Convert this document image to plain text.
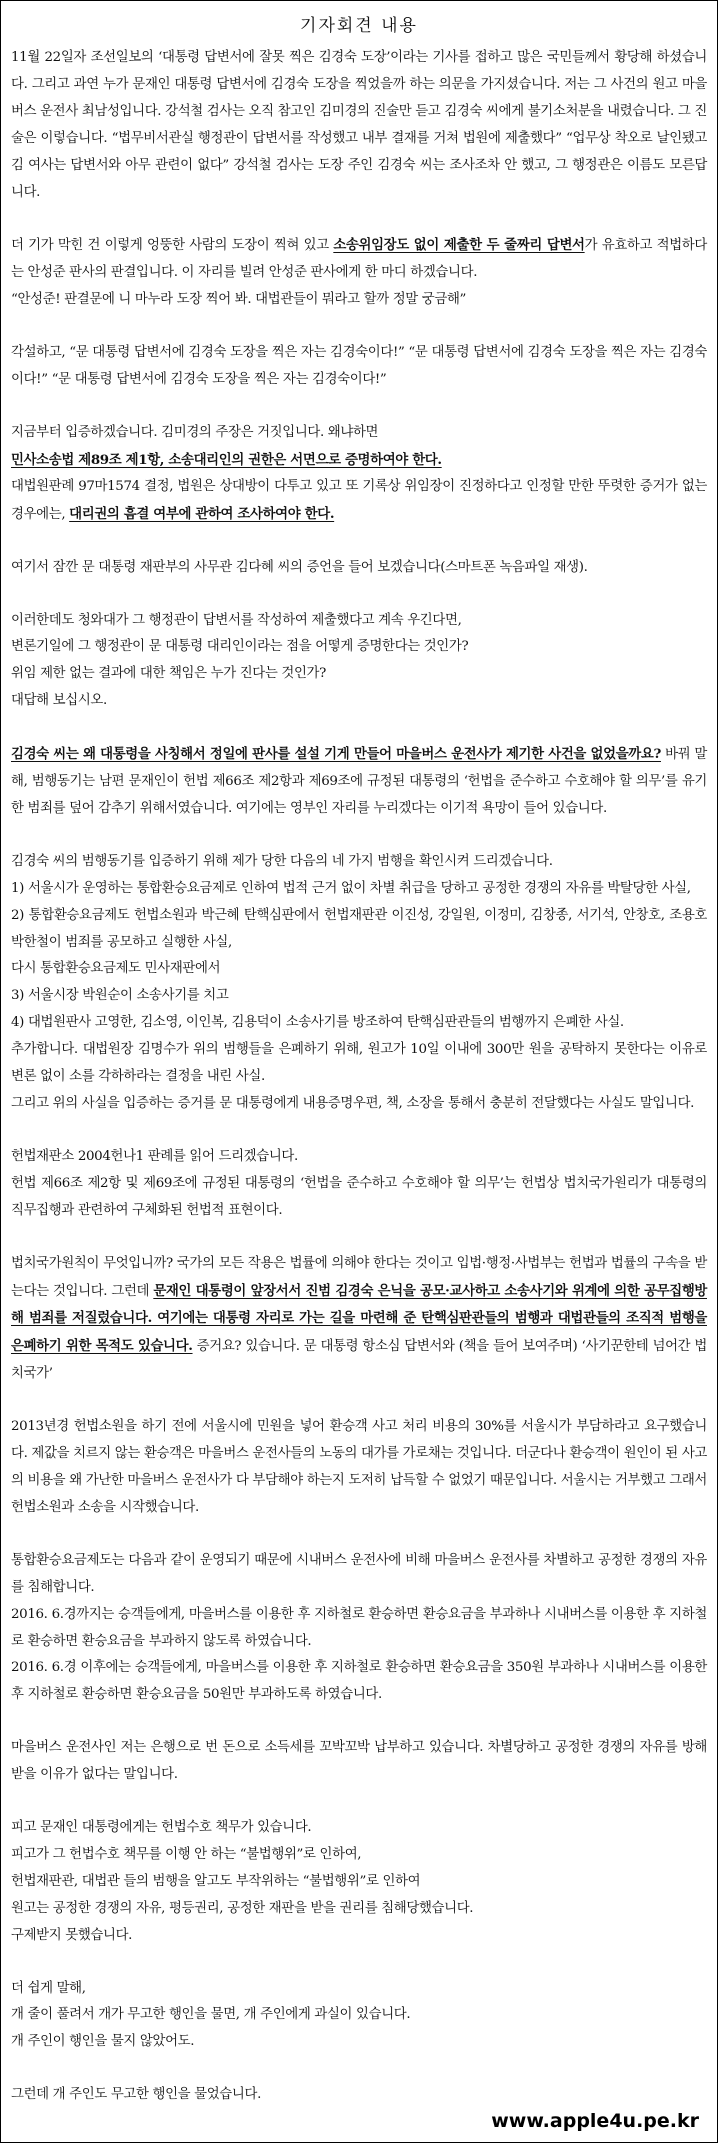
기자회견 내용

11월 22일자 조선일보의 ‘대통령 답변서에 잘못 찍은 김경숙 도장’이라는 기사를 접하고 많은 국민들께서 황당해 하셨습니다. 그리고 과연 누가 문재인 대통령 답변서에 김경숙 도장을 찍었을까 하는 의문을 가지셨습니다. 저는 그 사건의 원고 마을버스 운전사 최남성입니다. 강석철 검사는 오직 참고인 김미경의 진술만 듣고 김경숙 씨에게 불기소처분을 내렸습니다. 그 진술은 이렇습니다. “법무비서관실 행정관이 답변서를 작성했고 내부 결재를 거쳐 법원에 제출했다” “업무상 착오로 날인됐고 김 여사는 답변서와 아무 관련이 없다” 강석철 검사는 도장 주인 김경숙 씨는 조사조차 안 했고, 그 행정관은 이름도 모른답니다.

더 기가 막힌 건 이렇게 엉뚱한 사람의 도장이 찍혀 있고 소송위임장도 없이 제출한 두 줄짜리 답변서가 유효하고 적법하다는 안성준 판사의 판결입니다. 이 자리를 빌려 안성준 판사에게 한 마디 하겠습니다.

“안성준! 판결문에 니 마누라 도장 찍어 봐. 대법관들이 뭐라고 할까 정말 궁금해”

각설하고, “문 대통령 답변서에 김경숙 도장을 찍은 자는 김경숙이다!” “문 대통령 답변서에 김경숙 도장을 찍은 자는 김경숙이다!” “문 대통령 답변서에 김경숙 도장을 찍은 자는 김경숙이다!”

지금부터 입증하겠습니다. 김미경의 주장은 거짓입니다. 왜냐하면

민사소송법 제89조 제1항, 소송대리인의 권한은 서면으로 증명하여야 한다.

대법원판례 97마1574 결정, 법원은 상대방이 다투고 있고 또 기록상 위임장이 진정하다고 인정할 만한 뚜렷한 증거가 없는 경우에는, 대리권의 흠결 여부에 관하여 조사하여야 한다.

여기서 잠깐 문 대통령 재판부의 사무관 김다혜 씨의 증언을 들어 보겠습니다(스마트폰 녹음파일 재생).

이러한데도 청와대가 그 행정관이 답변서를 작성하여 제출했다고 계속 우긴다면,

변론기일에 그 행정관이 문 대통령 대리인이라는 점을 어떻게 증명한다는 것인가?

위임 제한 없는 결과에 대한 책임은 누가 진다는 것인가?

대답해 보십시오.

김경숙 씨는 왜 대통령을 사칭해서 정일에 판사를 설설 기게 만들어 마을버스 운전사가 제기한 사건을 없었을까요? 바꿔 말해, 범행동기는 남편 문재인이 헌법 제66조 제2항과 제69조에 규정된 대통령의 ‘헌법을 준수하고 수호해야 할 의무’를 유기한 범죄를 덮어 감추기 위해서였습니다. 여기에는 영부인 자리를 누리겠다는 이기적 욕망이 들어 있습니다.

김경숙 씨의 범행동기를 입증하기 위해 제가 당한 다음의 네 가지 범행을 확인시켜 드리겠습니다.

1) 서울시가 운영하는 통합환승요금제로 인하여 법적 근거 없이 차별 취급을 당하고 공정한 경쟁의 자유를 박탈당한 사실,

2) 통합환승요금제도 헌법소원과 박근혜 탄핵심판에서 헌법재판관 이진성, 강일원, 이정미, 김창종, 서기석, 안창호, 조용호 박한철이 범죄를 공모하고 실행한 사실,

다시 통합환승요금제도 민사재판에서

3) 서울시장 박원순이 소송사기를 치고

4) 대법원판사 고영한, 김소영, 이인복, 김용덕이 소송사기를 방조하여 탄핵심판관들의 범행까지 은폐한 사실.

추가합니다. 대법원장 김명수가 위의 범행들을 은폐하기 위해, 원고가 10일 이내에 300만 원을 공탁하지 못한다는 이유로 변론 없이 소를 각하하라는 결정을 내린 사실.

그리고 위의 사실을 입증하는 증거를 문 대통령에게 내용증명우편, 책, 소장을 통해서 충분히 전달했다는 사실도 말입니다.

헌법재판소 2004헌나1 판례를 읽어 드리겠습니다.

헌법 제66조 제2항 및 제69조에 규정된 대통령의 ‘헌법을 준수하고 수호해야 할 의무’는 헌법상 법치국가원리가 대통령의 직무집행과 관련하여 구체화된 헌법적 표현이다.

법치국가원칙이 무엇입니까? 국가의 모든 작용은 법률에 의해야 한다는 것이고 입법·행정·사법부는 헌법과 법률의 구속을 받는다는 것입니다. 그런데 문재인 대통령이 앞장서서 진범 김경숙 은닉을 공모·교사하고 소송사기와 위계에 의한 공무집행방해 범죄를 저질렀습니다. 여기에는 대통령 자리로 가는 길을 마련해 준 탄핵심판관들의 범행과 대법관들의 조직적 범행을 은폐하기 위한 목적도 있습니다. 증거요? 있습니다. 문 대통령 항소심 답변서와 (책을 들어 보여주며) ‘사기꾼한테 넘어간 법치국가’

2013년경 헌법소원을 하기 전에 서울시에 민원을 넣어 환승객 사고 처리 비용의 30%를 서울시가 부담하라고 요구했습니다. 제값을 치르지 않는 환승객은 마을버스 운전사들의 노동의 대가를 가로채는 것입니다. 더군다나 환승객이 원인이 된 사고의 비용을 왜 가난한 마을버스 운전사가 다 부담해야 하는지 도저히 납득할 수 없었기 때문입니다. 서울시는 거부했고 그래서 헌법소원과 소송을 시작했습니다.

통합환승요금제도는 다음과 같이 운영되기 때문에 시내버스 운전사에 비해 마을버스 운전사를 차별하고 공정한 경쟁의 자유를 침해합니다.

2016. 6.경까지는 승객들에게, 마을버스를 이용한 후 지하철로 환승하면 환승요금을 부과하나 시내버스를 이용한 후 지하철로 환승하면 환승요금을 부과하지 않도록 하였습니다.

2016. 6.경 이후에는 승객들에게, 마을버스를 이용한 후 지하철로 환승하면 환승요금을 350원 부과하나 시내버스를 이용한 후 지하철로 환승하면 환승요금을 50원만 부과하도록 하였습니다.

마을버스 운전사인 저는 은행으로 번 돈으로 소득세를 꼬박꼬박 납부하고 있습니다. 차별당하고 공정한 경쟁의 자유를 방해받을 이유가 없다는 말입니다.

피고 문재인 대통령에게는 헌법수호 책무가 있습니다.

피고가 그 헌법수호 책무를 이행 안 하는 “불법행위”로 인하여,

헌법재판관, 대법관 들의 범행을 알고도 부작위하는 “불법행위”로 인하여

원고는 공정한 경쟁의 자유, 평등권리, 공정한 재판을 받을 권리를 침해당했습니다.

구제받지 못했습니다.

더 쉽게 말해,

개 줄이 풀려서 개가 무고한 행인을 물면, 개 주인에게 과실이 있습니다.

개 주인이 행인을 물지 않았어도.

그런데 개 주인도 무고한 행인을 물었습니다.

www.apple4u.pe.kr
